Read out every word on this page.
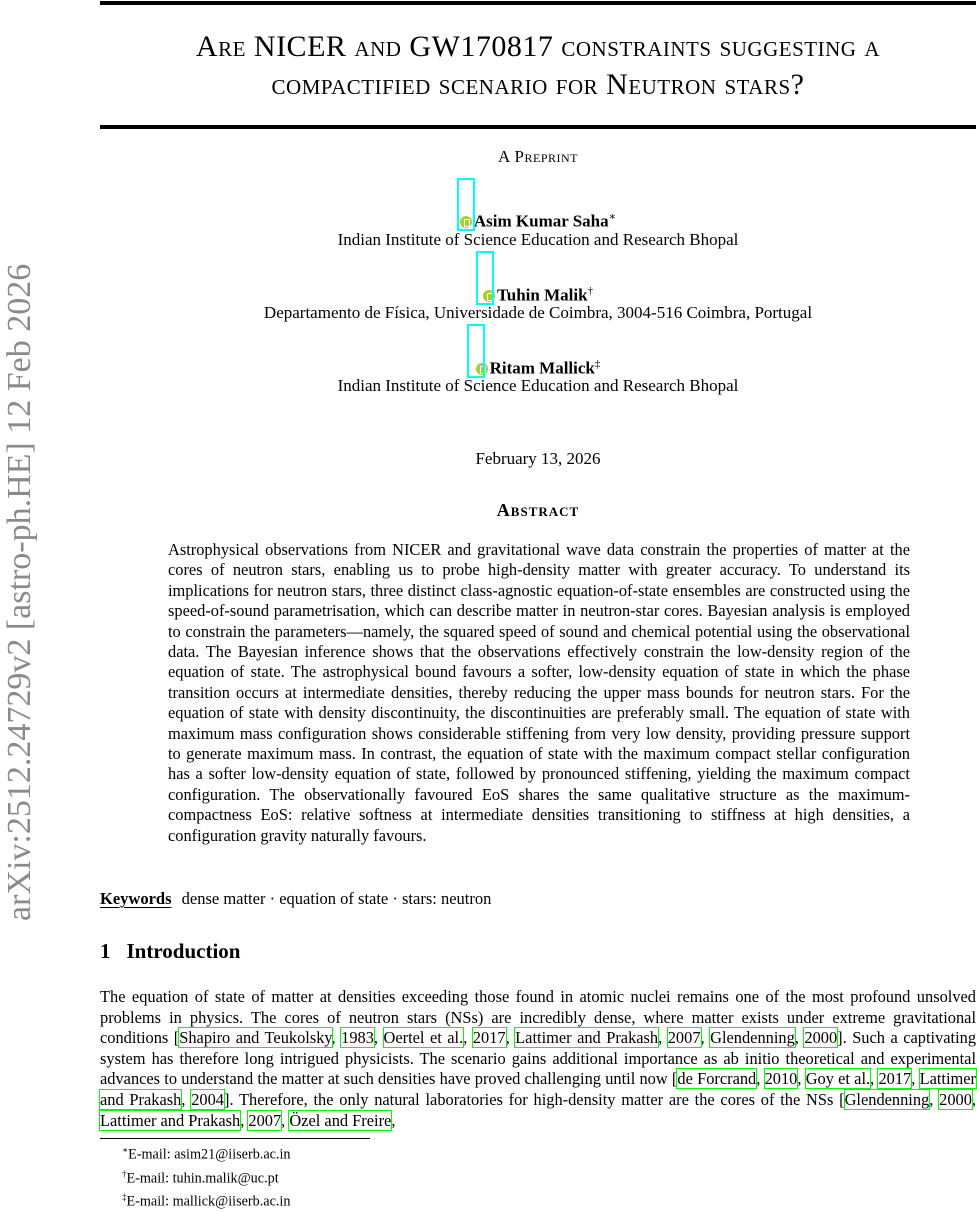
arXiv:2512.24729v2 [astro-ph.HE] 12 Feb 2026
Are NICER and GW170817 constraints suggesting a
compactified scenario for Neutron stars?
A Preprint
Asim Kumar Saha∗
Indian Institute of Science Education and Research Bhopal
Tuhin Malik†
Departamento de Física, Universidade de Coimbra, 3004-516 Coimbra, Portugal
Ritam Mallick‡
Indian Institute of Science Education and Research Bhopal
February 13, 2026
Abstract
Astrophysical observations from NICER and gravitational wave data constrain the properties of matter at the cores of neutron stars, enabling us to probe high-density matter with greater accuracy. To understand its implications for neutron stars, three distinct class-agnostic equation-of-state ensembles are constructed using the speed-of-sound parametrisation, which can describe matter in neutron-star cores. Bayesian analysis is employed to constrain the parameters—namely, the squared speed of sound and chemical potential using the observational data. The Bayesian inference shows that the observations effectively constrain the low-density region of the equation of state. The astrophysical bound favours a softer, low-density equation of state in which the phase transition occurs at intermediate densities, thereby reducing the upper mass bounds for neutron stars. For the equation of state with density discontinuity, the discontinuities are preferably small. The equation of state with maximum mass configuration shows considerable stiffening from very low density, providing pressure support to generate maximum mass. In contrast, the equation of state with the maximum compact stellar configuration has a softer low-density equation of state, followed by pronounced stiffening, yielding the maximum compact configuration. The observationally favoured EoS shares the same qualitative structure as the maximum-compactness EoS: relative softness at intermediate densities transitioning to stiffness at high densities, a configuration gravity naturally favours.
Keywords dense matter · equation of state · stars: neutron
1 Introduction
The equation of state of matter at densities exceeding those found in atomic nuclei remains one of the most profound unsolved problems in physics. The cores of neutron stars (NSs) are incredibly dense, where matter exists under extreme gravitational conditions [Shapiro and Teukolsky, 1983, Oertel et al., 2017, Lattimer and Prakash, 2007, Glendenning, 2000]. Such a captivating system has therefore long intrigued physicists. The scenario gains additional importance as ab initio theoretical and experimental advances to understand the matter at such densities have proved challenging until now [de Forcrand, 2010, Goy et al., 2017, Lattimer and Prakash, 2004]. Therefore, the only natural laboratories for high-density matter are the cores of the NSs [Glendenning, 2000, Lattimer and Prakash, 2007, Özel and Freire,
∗E-mail: asim21@iiserb.ac.in
†E-mail: tuhin.malik@uc.pt
‡E-mail: mallick@iiserb.ac.in
